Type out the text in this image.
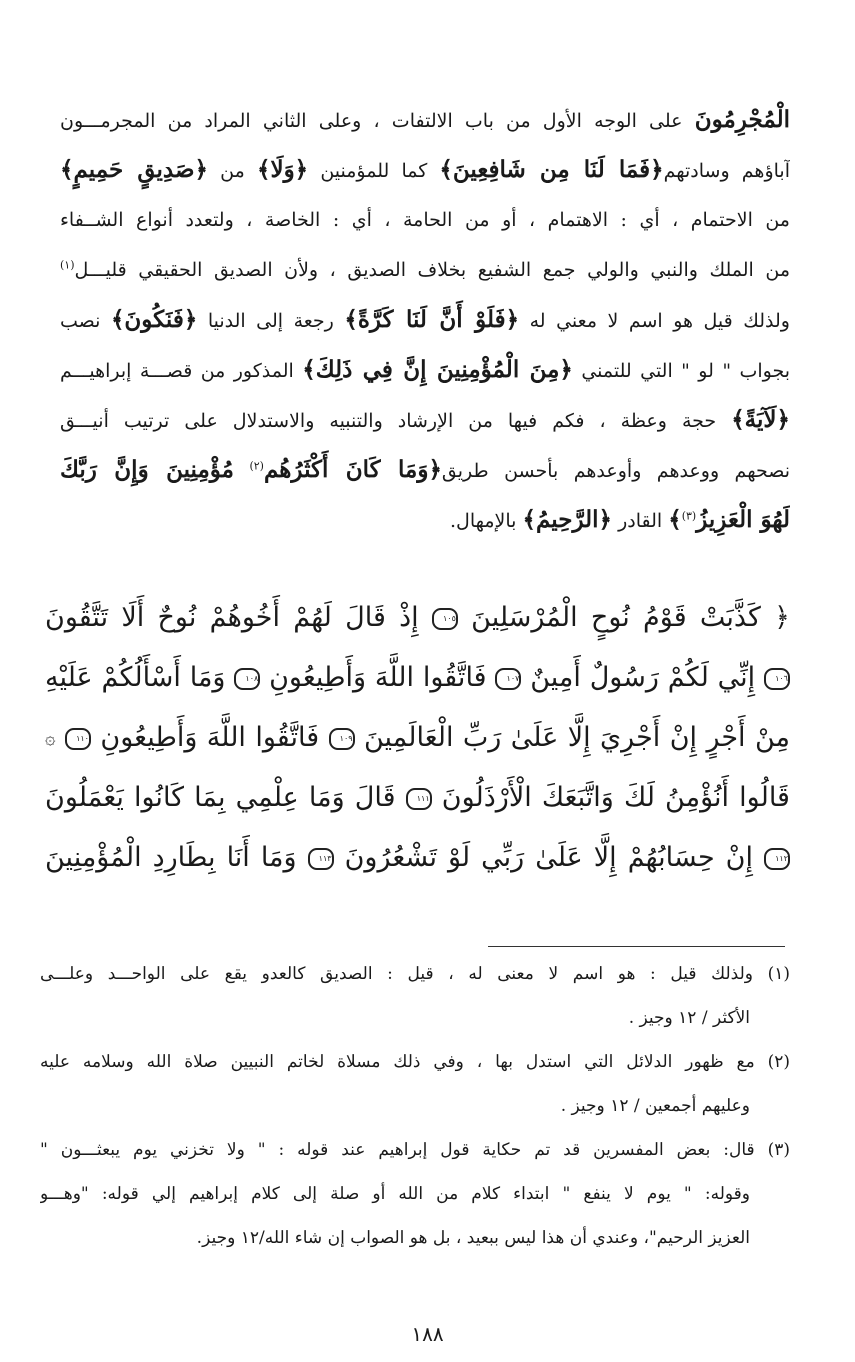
الْمُجْرِمُونَ على الوجه الأول من باب الالتفات ، وعلى الثاني المراد من المجرمـــون
آباؤهم وسادتهم﴿فَمَا لَنَا مِن شَافِعِينَ﴾ كما للمؤمنين ﴿وَلَا﴾ من ﴿صَدِيقٍ حَمِيمٍ﴾
من الاحتمام ، أي : الاهتمام ، أو من الحامة ، أي : الخاصة ، ولتعدد أنواع الشــفاء
من الملك والنبي والولي جمع الشفيع بخلاف الصديق ، ولأن الصديق الحقيقي قليـــل$^{(١)}$
ولذلك قيل هو اسم لا معني له ﴿فَلَوْ أَنَّ لَنَا كَرَّةً﴾ رجعة إلى الدنيا ﴿فَنَكُونَ﴾ نصب
بجواب " لو " التي للتمني ﴿مِنَ الْمُؤْمِنِينَ إِنَّ فِي ذَلِكَ﴾ المذكور من قصـــة إبراهيـــم
﴿لَآيَةً﴾ حجة وعظة ، فكم فيها من الإرشاد والتنبيه والاستدلال على ترتيب أنيـــق
نصحهم ووعدهم وأوعدهم بأحسن طريق﴿وَمَا كَانَ أَكْثَرُهُم$^{(٢)}$ مُؤْمِنِينَ وَإِنَّ رَبَّكَ
لَهُوَ الْعَزِيزُ$^{(٣)}$﴾ القادر ﴿الرَّحِيمُ﴾ بالإمهال.
﴿ كَذَّبَتْ قَوْمُ نُوحٍ الْمُرْسَلِينَ ١٠٥ إِذْ قَالَ لَهُمْ أَخُوهُمْ نُوحٌ أَلَا تَتَّقُونَ
١٠٦ إِنِّي لَكُمْ رَسُولٌ أَمِينٌ ١٠٧ فَاتَّقُوا اللَّهَ وَأَطِيعُونِ ١٠٨ وَمَا أَسْأَلُكُمْ عَلَيْهِ
مِنْ أَجْرٍ إِنْ أَجْرِيَ إِلَّا عَلَىٰ رَبِّ الْعَالَمِينَ ١٠٩ فَاتَّقُوا اللَّهَ وَأَطِيعُونِ ١١٠ ۞
قَالُوا أَنُؤْمِنُ لَكَ وَاتَّبَعَكَ الْأَرْذَلُونَ ١١١ قَالَ وَمَا عِلْمِي بِمَا كَانُوا يَعْمَلُونَ
١١٢ إِنْ حِسَابُهُمْ إِلَّا عَلَىٰ رَبِّي لَوْ تَشْعُرُونَ ١١٣ وَمَا أَنَا بِطَارِدِ الْمُؤْمِنِينَ
(١) ولذلك قيل : هو اسم لا معنى له ، قيل : الصديق كالعدو يقع على الواحـــد وعلـــى
الأكثر / ١٢ وجيز .
(٢) مع ظهور الدلائل التي استدل بها ، وفي ذلك مسلاة لخاتم النبيين صلاة الله وسلامه عليه
وعليهم أجمعين / ١٢ وجيز .
(٣) قال: بعض المفسرين قد تم حكاية قول إبراهيم عند قوله : " ولا تخزني يوم يبعثـــون "
وقوله: " يوم لا ينفع " ابتداء كلام من الله أو صلة إلى كلام إبراهيم إلي قوله: "وهـــو
العزيز الرحيم"، وعندي أن هذا ليس ببعيد ، بل هو الصواب إن شاء الله/١٢ وجيز.
١٨٨
